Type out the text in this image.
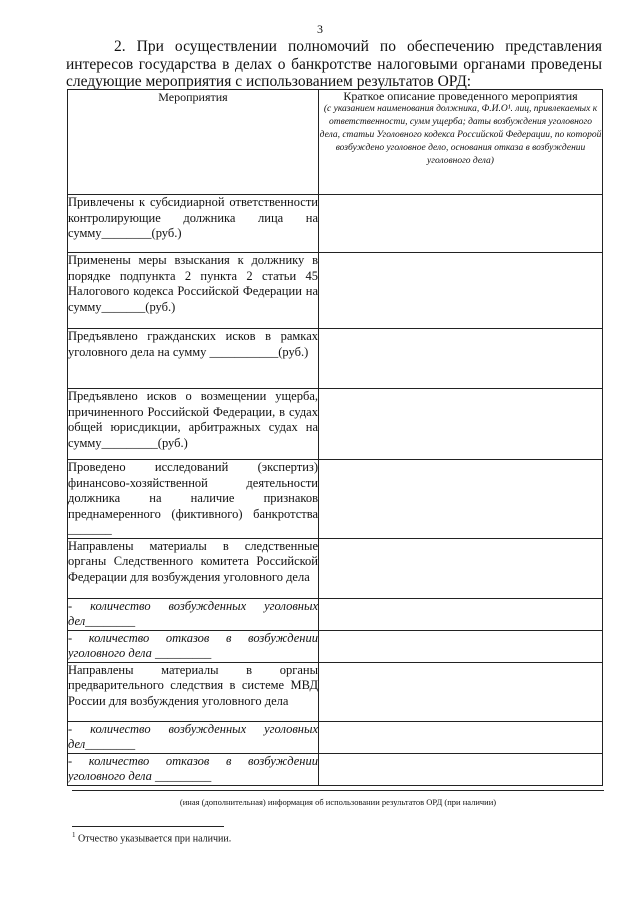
3

2. При осуществлении полномочий по обеспечению представления интересов государства в делах о банкротстве налоговыми органами проведены следующие мероприятия с использованием результатов ОРД:

Мероприятия	Краткое описание проведенного мероприятия
(с указанием наименования должника, Ф.И.О¹. лиц, привлекаемых к ответственности, сумм ущерба; даты возбуждения уголовного дела, статьи Уголовного кодекса Российской Федерации, по которой возбуждено уголовное дело, основания отказа в возбуждении уголовного дела)

Привлечены к субсидиарной ответственности контролирующие должника лица на сумму________(руб.)	
Применены меры взыскания к должнику в порядке подпункта 2 пункта 2 статьи 45 Налогового кодекса Российской Федерации на сумму_______(руб.)	
Предъявлено гражданских исков в рамках уголовного дела на сумму ___________(руб.)	
Предъявлено исков о возмещении ущерба, причиненного Российской Федерации, в судах общей юрисдикции, арбитражных судах на сумму_________(руб.)	
Проведено исследований (экспертиз) финансово-хозяйственной деятельности должника на наличие признаков преднамеренного (фиктивного) банкротства _______	
Направлены материалы в следственные органы Следственного комитета Российской Федерации для возбуждения уголовного дела	
- количество возбужденных уголовных дел________	
- количество отказов в возбуждении уголовного дела _________	
Направлены материалы в органы предварительного следствия в системе МВД России для возбуждения уголовного дела	
- количество возбужденных уголовных дел________	
- количество отказов в возбуждении уголовного дела _________	
(иная (дополнительная) информация об использовании результатов ОРД (при наличии)
$^1$ Отчество указывается при наличии.
